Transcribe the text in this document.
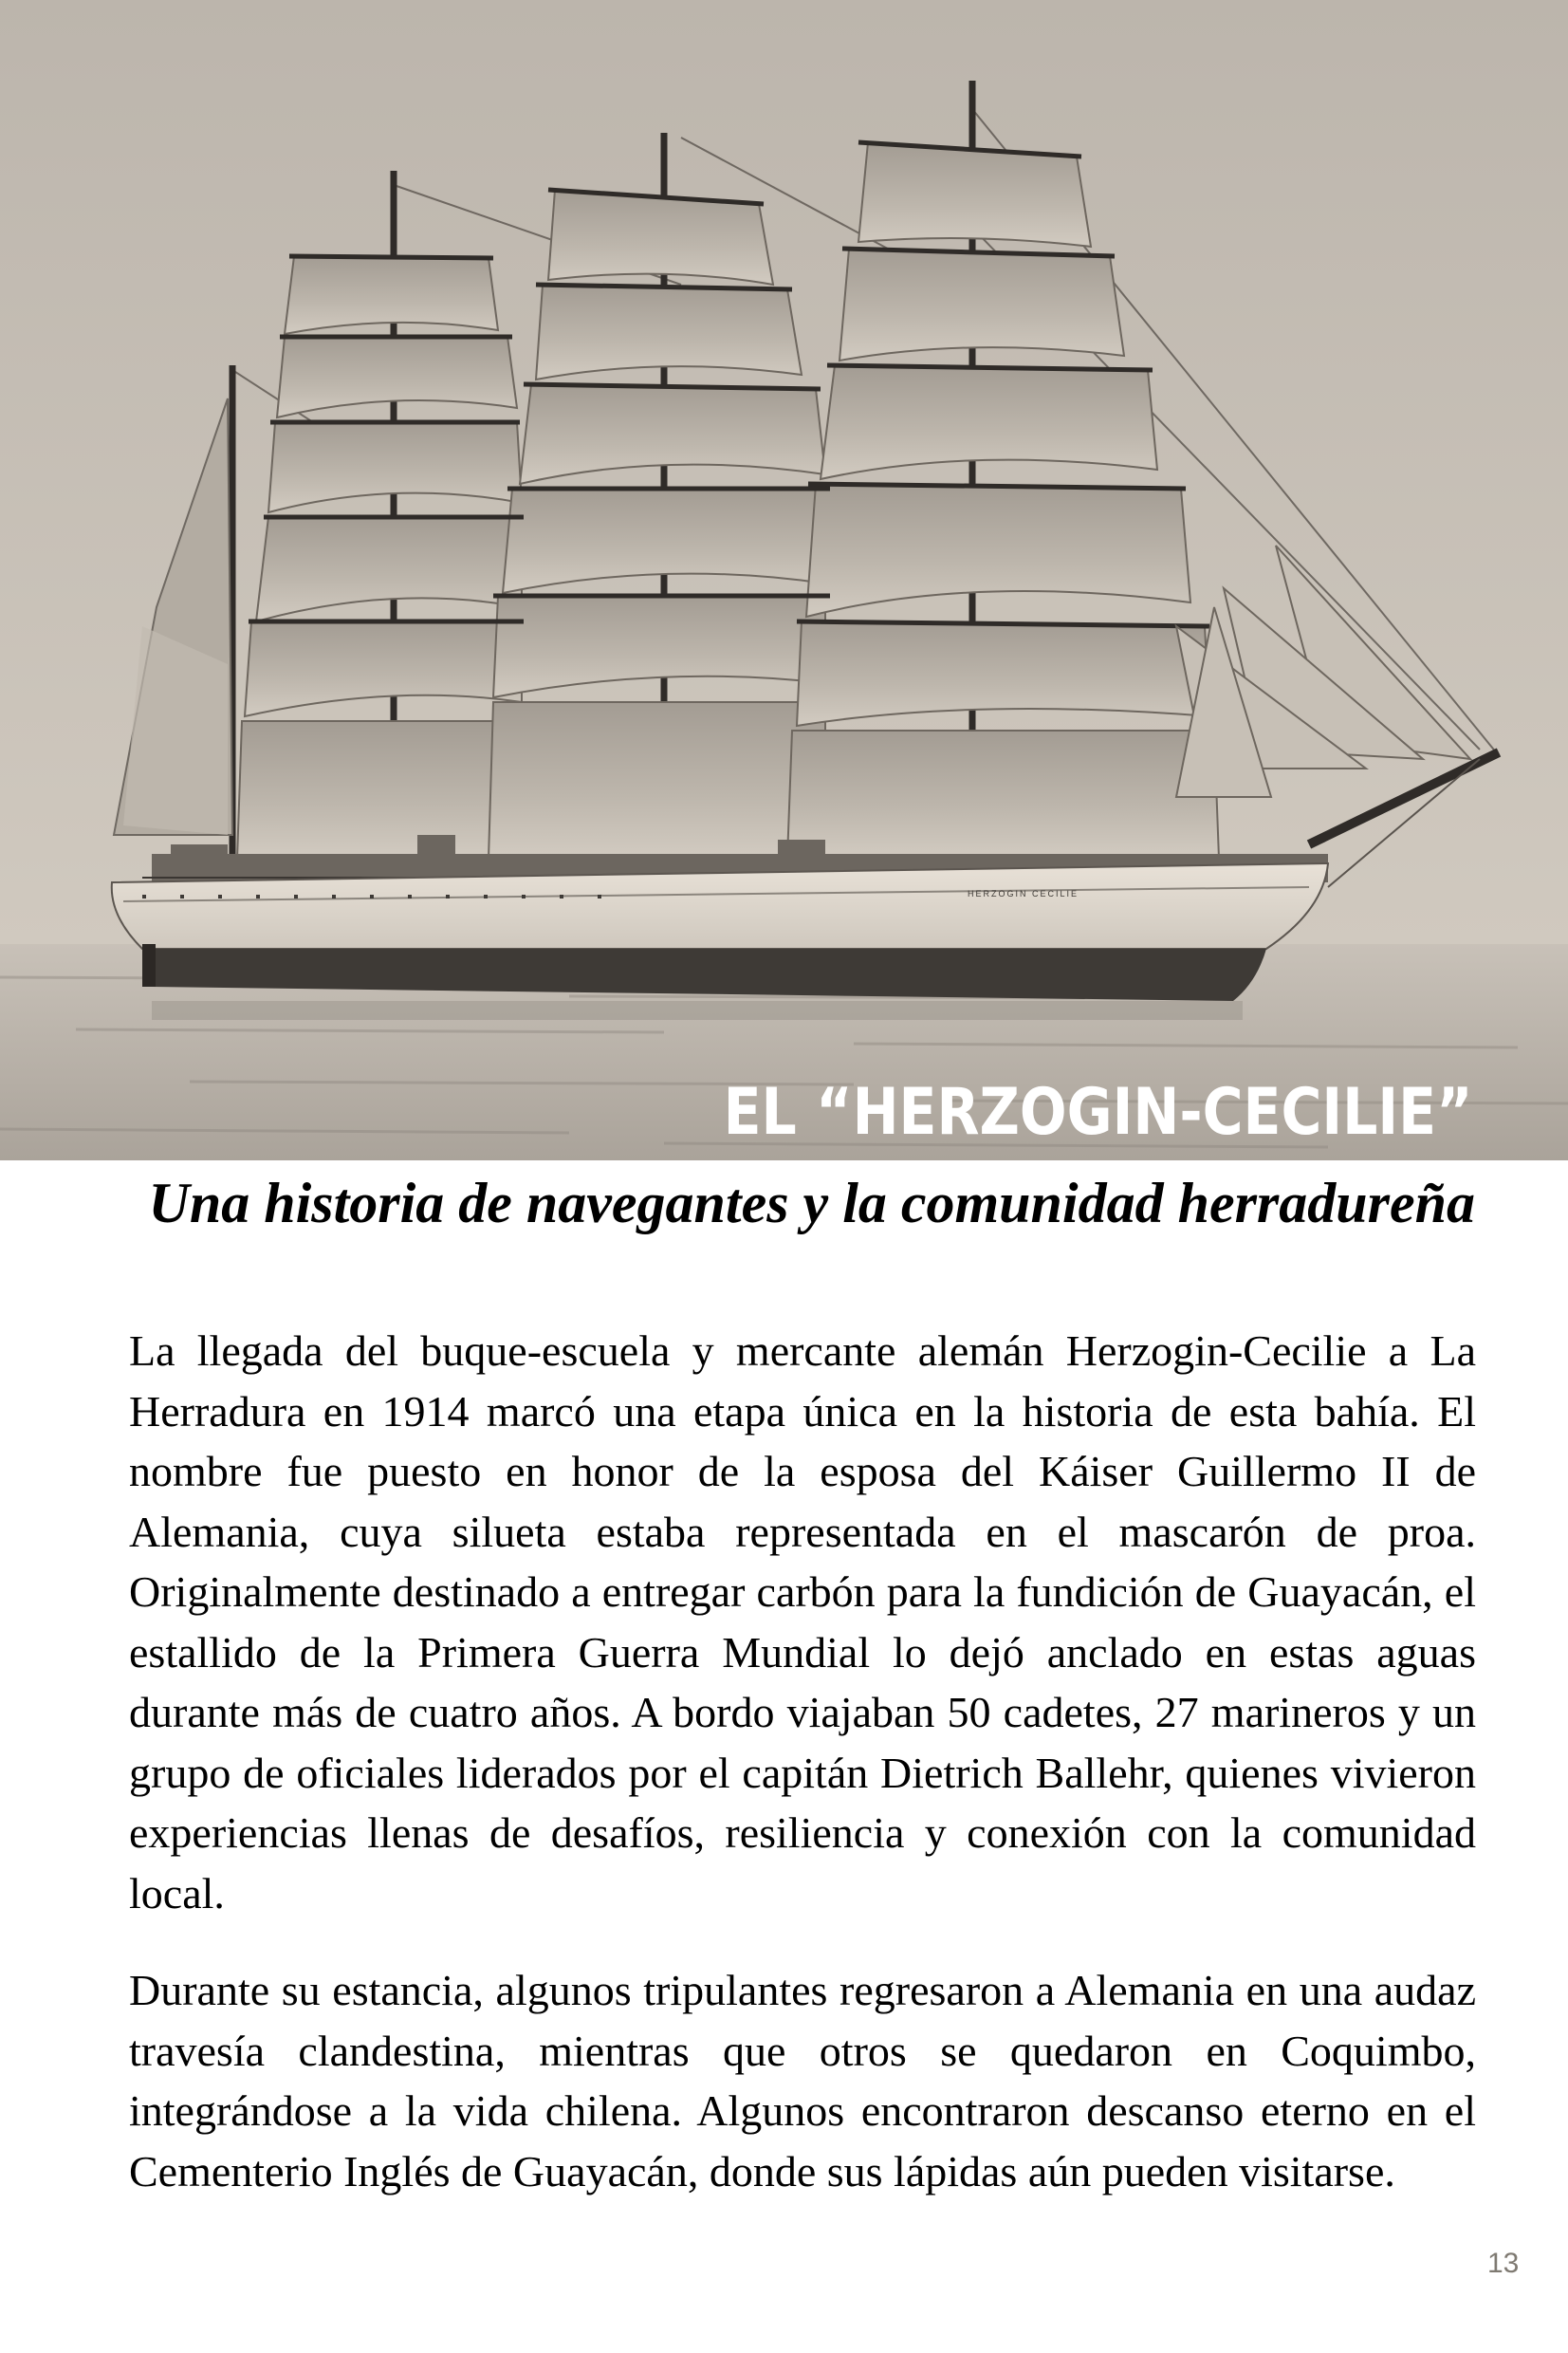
HERZOGIN CECILIE
EL “HERZOGIN-CECILIE”
Una historia de navegantes y la comunidad herradureña

La llegada del buque-escuela y mercante alemán Herzogin-Cecilie a La Herradura en 1914 marcó una etapa única en la historia de esta bahía. El nombre fue puesto en honor de la esposa del Káiser Guillermo II de Alemania, cuya silueta estaba representada en el mascarón de proa. Originalmente destinado a entregar carbón para la fundición de Guayacán, el estallido de la Primera Guerra Mundial lo dejó anclado en estas aguas durante más de cuatro años. A bordo viajaban 50 cadetes, 27 marineros y un grupo de oficiales liderados por el capitán Dietrich Ballehr, quienes vivieron experiencias llenas de desafíos, resiliencia y conexión con la comunidad local.

Durante su estancia, algunos tripulantes regresaron a Alemania en una audaz travesía clandestina, mientras que otros se quedaron en Coquimbo, integrándose a la vida chilena. Algunos encontraron descanso eterno en el Cementerio Inglés de Guayacán, donde sus lápidas aún pueden visitarse.

13
